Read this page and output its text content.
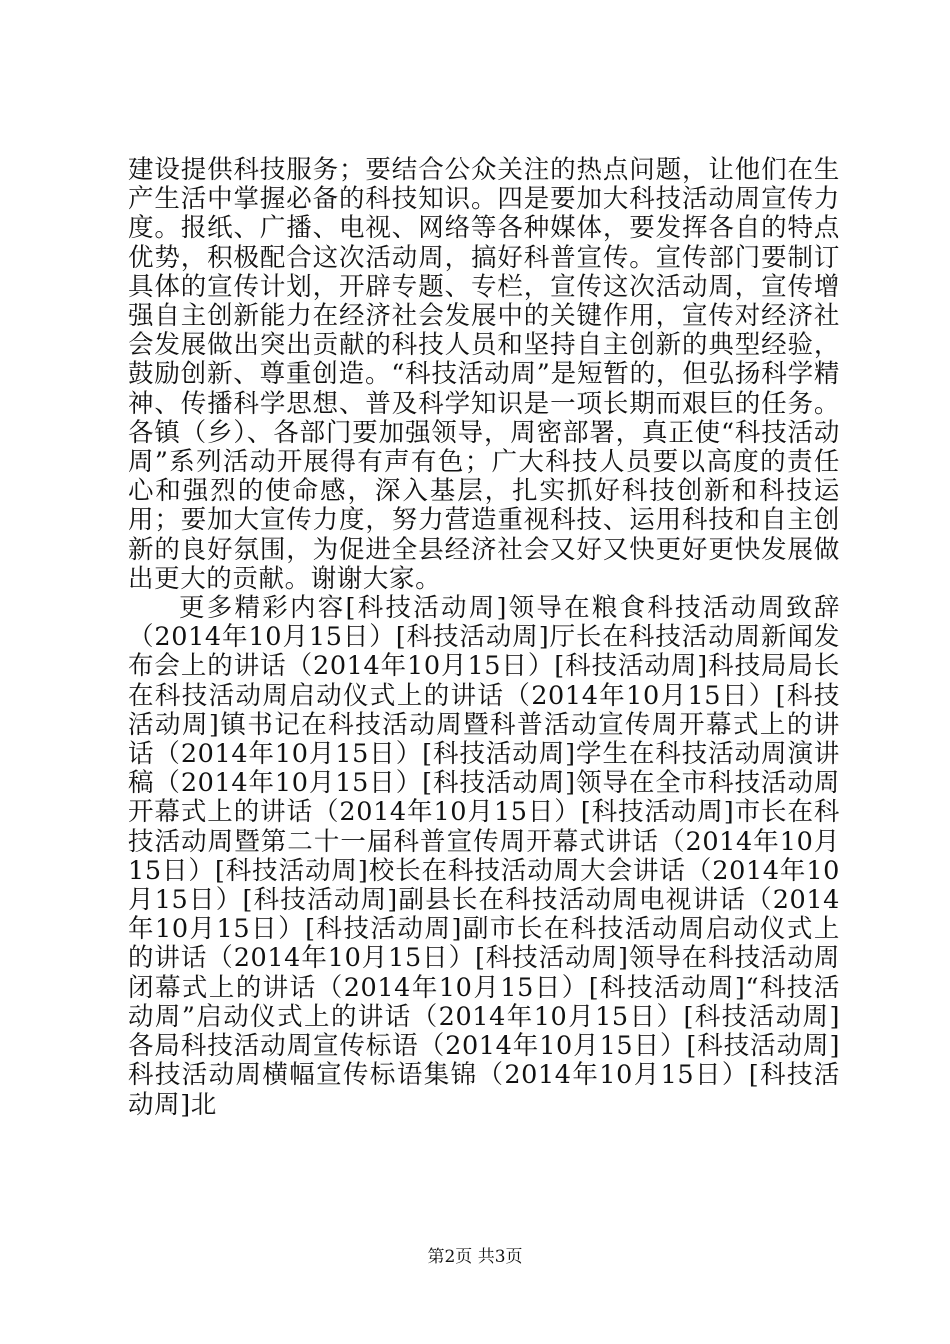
建设提供科技服务；要结合公众关注的热点问题，让他们在生产生活中掌握必备的科技知识。四是要加大科技活动周宣传力度。报纸、广播、电视、网络等各种媒体，要发挥各自的特点优势，积极配合这次活动周，搞好科普宣传。宣传部门要制订具体的宣传计划，开辟专题、专栏，宣传这次活动周，宣传增强自主创新能力在经济社会发展中的关键作用，宣传对经济社会发展做出突出贡献的科技人员和坚持自主创新的典型经验，鼓励创新、尊重创造。“科技活动周”是短暂的，但弘扬科学精神、传播科学思想、普及科学知识是一项长期而艰巨的任务。各镇（乡）、各部门要加强领导，周密部署，真正使“科技活动周”系列活动开展得有声有色；广大科技人员要以高度的责任心和强烈的使命感，深入基层，扎实抓好科技创新和科技运用；要加大宣传力度，努力营造重视科技、运用科技和自主创新的良好氛围，为促进全县经济社会又好又快更好更快发展做出更大的贡献。谢谢大家。

更多精彩内容[科技活动周]领导在粮食科技活动周致辞（2014年10月15日）[科技活动周]厅长在科技活动周新闻发布会上的讲话（2014年10月15日）[科技活动周]科技局局长在科技活动周启动仪式上的讲话（2014年10月15日）[科技活动周]镇书记在科技活动周暨科普活动宣传周开幕式上的讲话（2014年10月15日）[科技活动周]学生在科技活动周演讲稿（2014年10月15日）[科技活动周]领导在全市科技活动周开幕式上的讲话（2014年10月15日）[科技活动周]市长在科技活动周暨第二十一届科普宣传周开幕式讲话（2014年10月15日）[科技活动周]校长在科技活动周大会讲话（2014年10月15日）[科技活动周]副县长在科技活动周电视讲话（2014年10月15日）[科技活动周]副市长在科技活动周启动仪式上的讲话（2014年10月15日）[科技活动周]领导在科技活动周闭幕式上的讲话（2014年10月15日）[科技活动周]“科技活动周”启动仪式上的讲话（2014年10月15日）[科技活动周]各局科技活动周宣传标语（2014年10月15日）[科技活动周]科技活动周横幅宣传标语集锦（2014年10月15日）[科技活动周]北

第2页 共3页
